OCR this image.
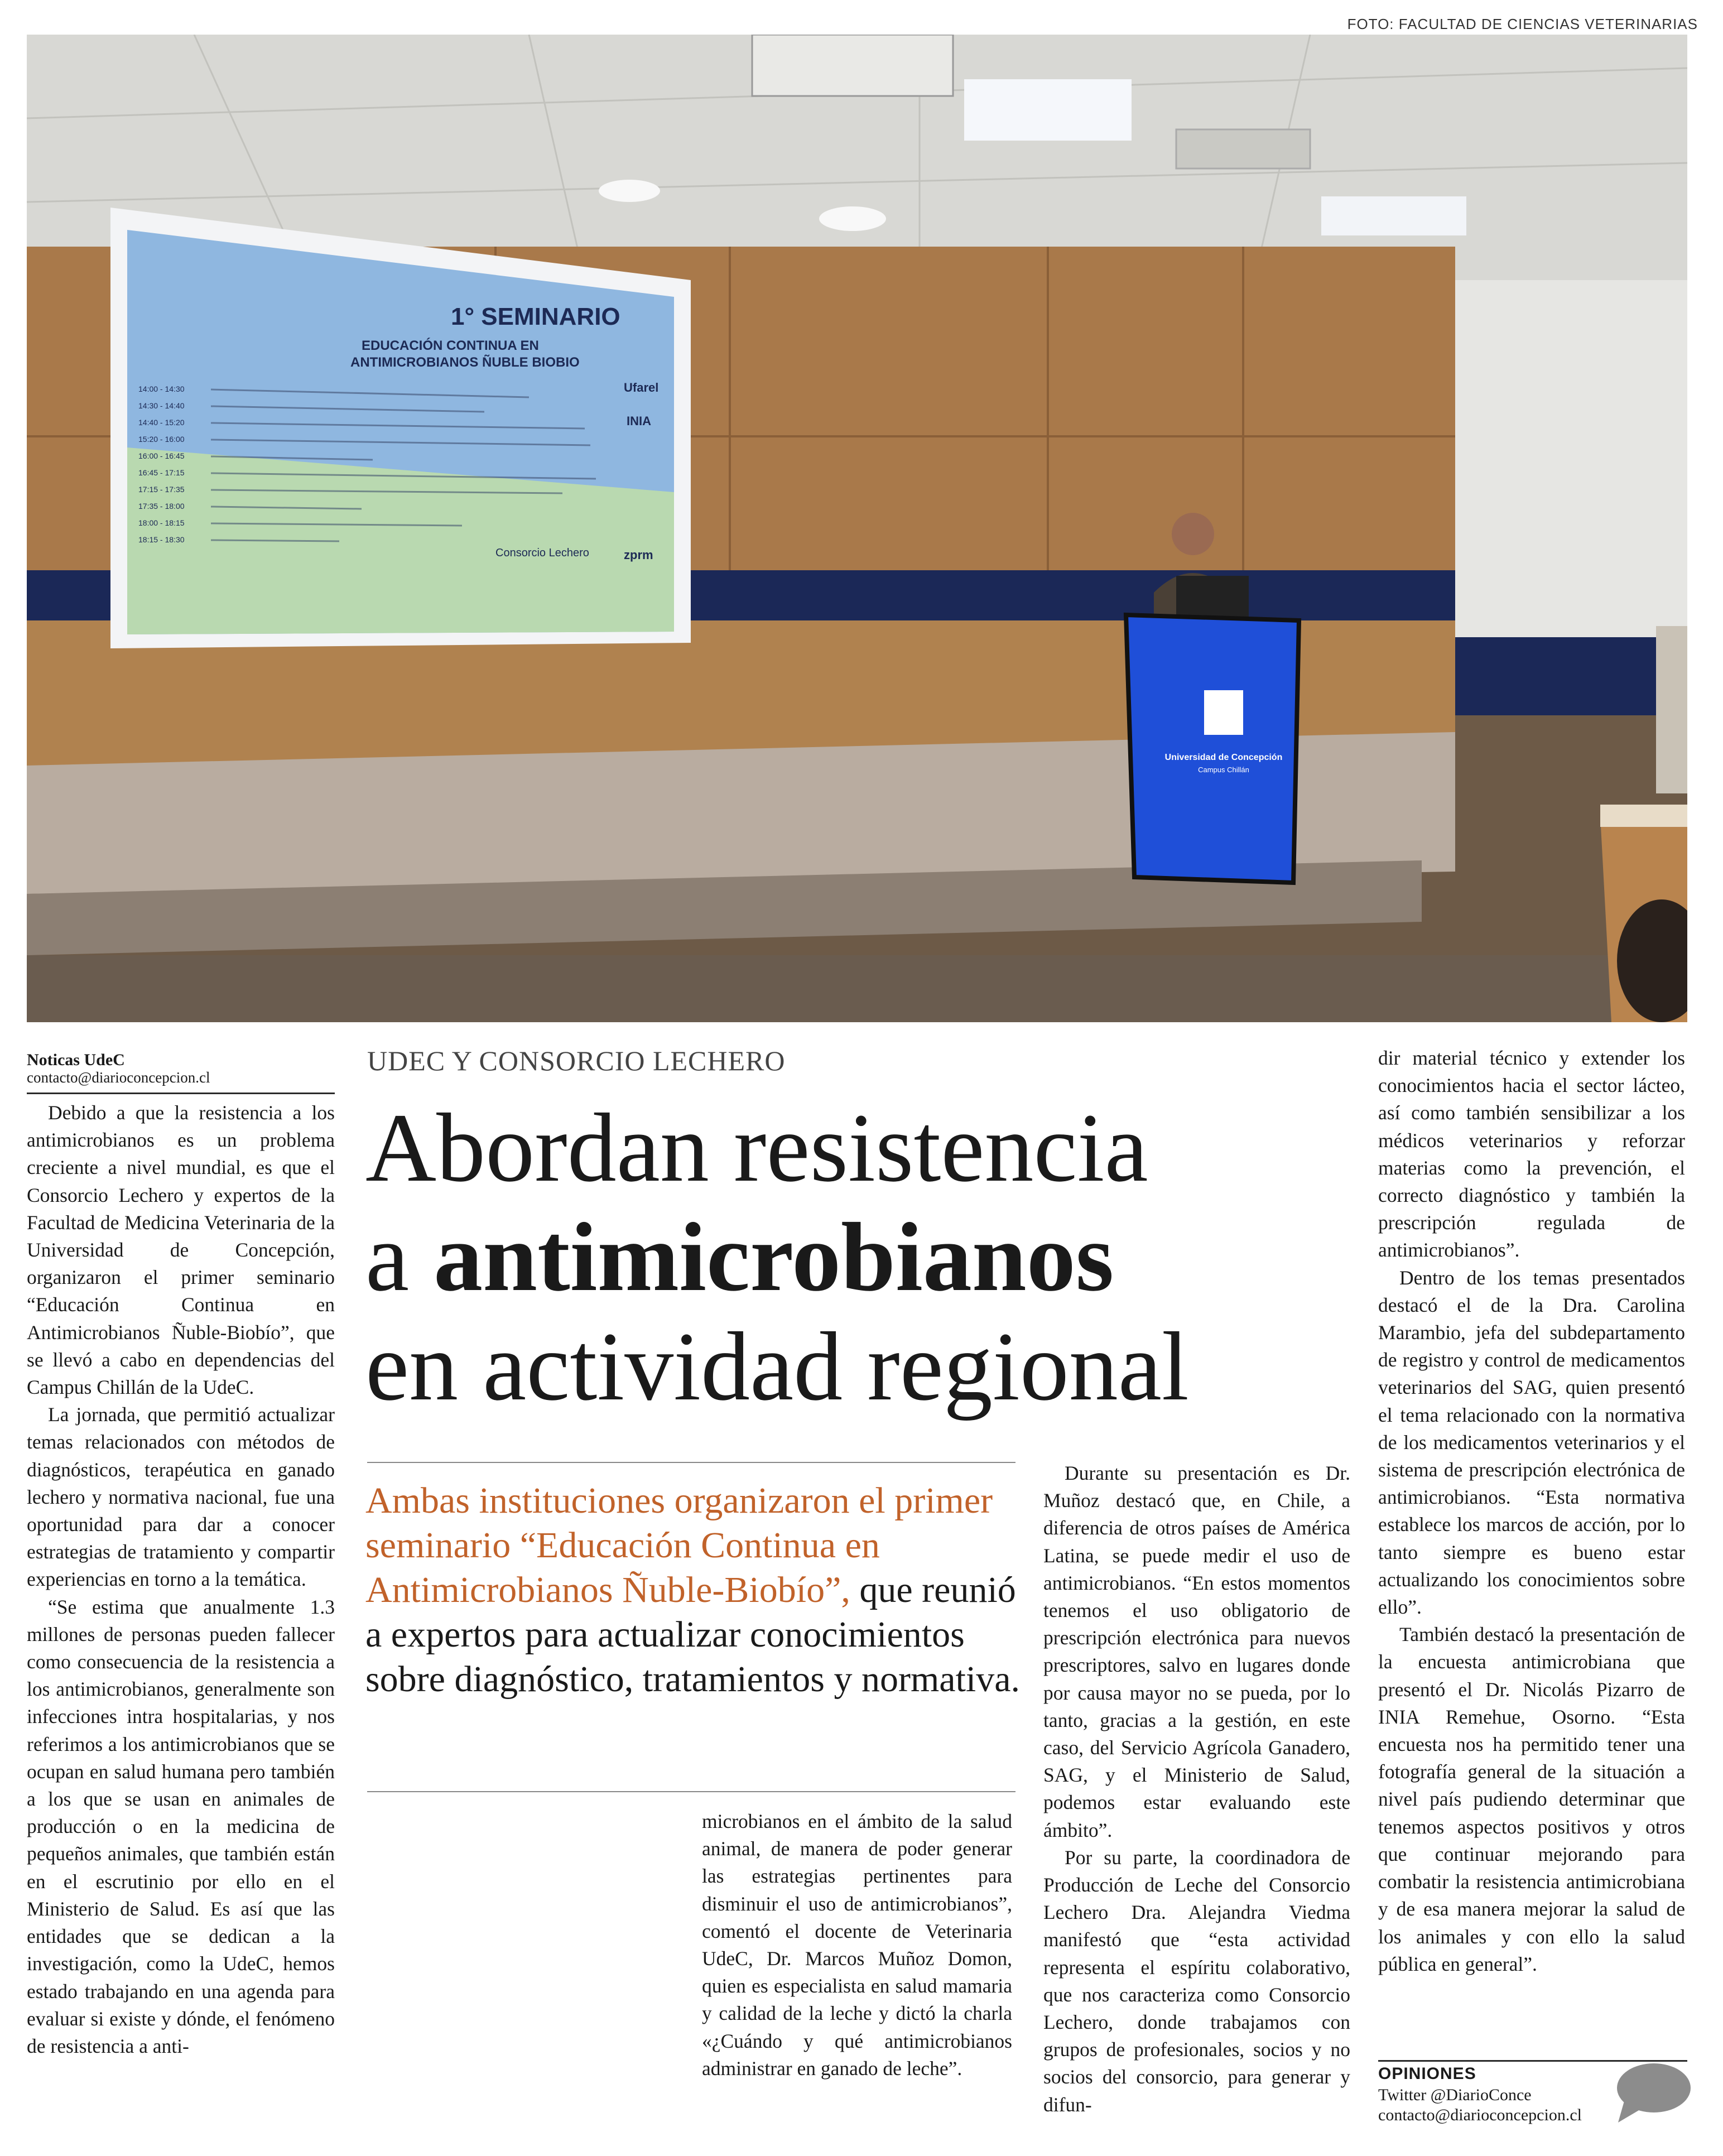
FOTO: FACULTAD DE CIENCIAS VETERINARIAS
1° SEMINARIO
EDUCACIÓN CONTINUA EN
ANTIMICROBIANOS ÑUBLE BIOBIO
14:00 - 14:30
14:30 - 14:40
14:40 - 15:20
15:20 - 16:00
16:00 - 16:45
16:45 - 17:15
17:15 - 17:35
17:35 - 18:00
18:00 - 18:15
18:15 - 18:30
Consorcio Lechero
Ufarel
INIA
zprm
Universidad de Concepción
Campus Chillán
Noticas UdeC
contacto@diarioconcepcion.cl
UDEC Y CONSORCIO LECHERO
Abordan resistencia
a antimicrobianos
en actividad regional
Ambas instituciones organizaron el primer seminario “Educación Continua en Antimicrobianos Ñuble-Biobío”, que reunió a expertos para actualizar conocimientos sobre diagnóstico, tratamientos y normativa.

Debido a que la resistencia a los antimicrobianos es un problema creciente a nivel mundial, es que el Consorcio Lechero y expertos de la Facultad de Medicina Veterinaria de la Universidad de Concepción, organizaron el primer seminario “Educación Continua en Antimicrobianos Ñuble-Biobío”, que se llevó a cabo en dependencias del Campus Chillán de la UdeC.

La jornada, que permitió actualizar temas relacionados con métodos de diagnósticos, terapéutica en ganado lechero y normativa nacional, fue una oportunidad para dar a conocer estrategias de tratamiento y compartir experiencias en torno a la temática.

“Se estima que anualmente 1.3 millones de personas pueden fallecer como consecuencia de la resistencia a los antimicrobianos, generalmente son infecciones intra hospitalarias, y nos referimos a los antimicrobianos que se ocupan en salud humana pero también a los que se usan en animales de producción o en la medicina de pequeños animales, que también están en el escrutinio por ello en el Ministerio de Salud. Es así que las entidades que se dedican a la investigación, como la UdeC, hemos estado trabajando en una agenda para evaluar si existe y dónde, el fenómeno de resistencia a anti-

microbianos en el ámbito de la salud animal, de manera de poder generar las estrategias pertinentes para disminuir el uso de antimicrobianos”, comentó el docente de Veterinaria UdeC, Dr. Marcos Muñoz Domon, quien es especialista en salud mamaria y calidad de la leche y dictó la charla «¿Cuándo y qué antimicrobianos administrar en ganado de leche”.

Durante su presentación es Dr. Muñoz destacó que, en Chile, a diferencia de otros países de América Latina, se puede medir el uso de antimicrobianos. “En estos momentos tenemos el uso obligatorio de prescripción electrónica para nuevos prescriptores, salvo en lugares donde por causa mayor no se pueda, por lo tanto, gracias a la gestión, en este caso, del Servicio Agrícola Ganadero, SAG, y el Ministerio de Salud, podemos estar evaluando este ámbito”.

Por su parte, la coordinadora de Producción de Leche del Consorcio Lechero Dra. Alejandra Viedma manifestó que “esta actividad representa el espíritu colaborativo, que nos caracteriza como Consorcio Lechero, donde trabajamos con grupos de profesionales, socios y no socios del consorcio, para generar y difun-

dir material técnico y extender los conocimientos hacia el sector lácteo, así como también sensibilizar a los médicos veterinarios y reforzar materias como la prevención, el correcto diagnóstico y también la prescripción regulada de antimicrobianos”.

Dentro de los temas presentados destacó el de la Dra. Carolina Marambio, jefa del subdepartamento de registro y control de medicamentos veterinarios del SAG, quien presentó el tema relacionado con la normativa de los medicamentos veterinarios y el sistema de prescripción electrónica de antimicrobianos. “Esta normativa establece los marcos de acción, por lo tanto siempre es bueno estar actualizando los conocimientos sobre ello”.

También destacó la presentación de la encuesta antimicrobiana que presentó el Dr. Nicolás Pizarro de INIA Remehue, Osorno. “Esta encuesta nos ha permitido tener una fotografía general de la situación a nivel país pudiendo determinar que tenemos aspectos positivos y otros que continuar mejorando para combatir la resistencia antimicrobiana y de esa manera mejorar la salud de los animales y con ello la salud pública en general”.

OPINIONES
Twitter @DiarioConce
contacto@diarioconcepcion.cl
